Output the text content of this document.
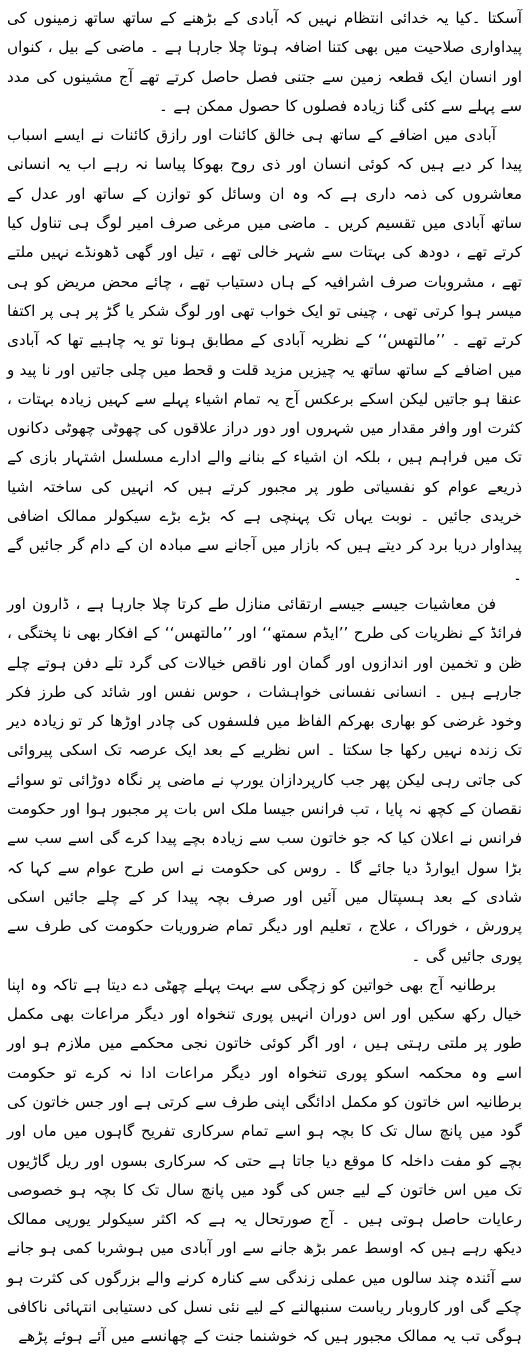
آسکتا ۔کیا یہ خدائی انتظام نہیں کہ آبادی کے بڑھنے کے ساتھ ساتھ زمینوں کی پیداواری صلاحیت میں بھی کتنا اضافہ ہوتا چلا جارہا ہے ۔ ماضی کے بیل ، کنواں اور انسان ایک قطعہ زمین سے جتنی فصل حاصل کرتے تھے آج مشینوں کی مدد سے پہلے سے کئی گنا زیادہ فصلوں کا حصول ممکن ہے ۔

آبادی میں اضافے کے ساتھ ہی خالق کائنات اور رازق کائنات نے ایسے اسباب پیدا کر دیے ہیں کہ کوئی انسان اور ذی روح بھوکا پیاسا نہ رہے اب یہ انسانی معاشروں کی ذمہ داری ہے کہ وہ ان وسائل کو توازن کے ساتھ اور عدل کے ساتھ آبادی میں تقسیم کریں ۔ ماضی میں مرغی صرف امیر لوگ ہی تناول کیا کرتے تھے ، دودھ کی بہتات سے شہر خالی تھے ، تیل اور گھی ڈھونڈے نہیں ملتے تھے ، مشروبات صرف اشرافیہ کے ہاں دستیاب تھے ، چائے محض مریض کو ہی میسر ہوا کرتی تھی ، چینی تو ایک خواب تھی اور لوگ شکر یا گڑ پر ہی پر اکتفا کرتے تھے ۔ ’’مالتھس‘‘ کے نظریہ آبادی کے مطابق ہونا تو یہ چاہیے تھا کہ آبادی میں اضافے کے ساتھ ساتھ یہ چیزیں مزید قلت و قحط میں چلی جاتیں اور نا پید و عنقا ہو جاتیں لیکن اسکے برعکس آج یہ تمام اشیاء پہلے سے کہیں زیادہ بہتات ، کثرت اور وافر مقدار میں شہروں اور دور دراز علاقوں کی چھوٹی چھوٹی دکانوں تک میں فراہم ہیں ، بلکہ ان اشیاء کے بنانے والے ادارے مسلسل اشتہار بازی کے ذریعے عوام کو نفسیاتی طور پر مجبور کرتے ہیں کہ انہیں کی ساختہ اشیا خریدی جائیں ۔ نوبت یہاں تک پہنچی ہے کہ بڑے بڑے سیکولر ممالک اضافی پیداوار دریا برد کر دیتے ہیں کہ بازار میں آجانے سے مبادہ ان کے دام گر جائیں گے ۔

فن معاشیات جیسے جیسے ارتقائی منازل طے کرتا چلا جارہا ہے ، ڈارون اور فرائڈ کے نظریات کی طرح ’’ایڈم سمتھ‘‘ اور ’’مالتھس‘‘ کے افکار بھی نا پختگی ، ظن و تخمین اور اندازوں اور گمان اور ناقص خیالات کی گرد تلے دفن ہوتے چلے جارہے ہیں ۔ انسانی نفسانی خواہشات ، حوس نفس اور شائد کی طرز فکر وخود غرضی کو بھاری بھرکم الفاظ میں فلسفوں کی چادر اوڑھا کر تو زیادہ دیر تک زندہ نہیں رکھا جا سکتا ۔ اس نظریے کے بعد ایک عرصہ تک اسکی پیروائی کی جاتی رہی لیکن پھر جب کارپردازان یورپ نے ماضی پر نگاہ دوڑائی تو سوائے نقصان کے کچھ نہ پایا ، تب فرانس جیسا ملک اس بات پر مجبور ہوا اور حکومت فرانس نے اعلان کیا کہ جو خاتون سب سے زیادہ بچے پیدا کرے گی اسے سب سے بڑا سول ایوارڈ دیا جائے گا ۔ روس کی حکومت نے اس طرح عوام سے کہا کہ شادی کے بعد ہسپتال میں آئیں اور صرف بچہ پیدا کر کے چلے جائیں اسکی پرورش ، خوراک ، علاج ، تعلیم اور دیگر تمام ضروریات حکومت کی طرف سے پوری جائیں گی ۔

برطانیہ آج بھی خواتین کو زچگی سے بہت پہلے چھٹی دے دیتا ہے تاکہ وہ اپنا خیال رکھ سکیں اور اس دوران انہیں پوری تنخواہ اور دیگر مراعات بھی مکمل طور پر ملتی رہتی ہیں ، اور اگر کوئی خاتون نجی محکمے میں ملازم ہو اور اسے وہ محکمہ اسکو پوری تنخواہ اور دیگر مراعات ادا نہ کرے تو حکومت برطانیہ اس خاتون کو مکمل ادائگی اپنی طرف سے کرتی ہے اور جس خاتون کی گود میں پانچ سال تک کا بچہ ہو اسے تمام سرکاری تفریح گاہوں میں ماں اور بچے کو مفت داخلہ کا موقع دیا جاتا ہے حتی کہ سرکاری بسوں اور ریل گاڑیوں تک میں اس خاتون کے لیے جس کی گود میں پانچ سال تک کا بچہ ہو خصوصی رعایات حاصل ہوتی ہیں ۔ آج صورتحال یہ ہے کہ اکثر سیکولر یورپی ممالک دیکھ رہے ہیں کہ اوسط عمر بڑھ جانے سے اور آبادی میں ہوشربا کمی ہو جانے سے آئندہ چند سالوں میں عملی زندگی سے کنارہ کرنے والے بزرگوں کی کثرت ہو چکے گی اور کاروبار ریاست سنبھالنے کے لیے نئی نسل کی دستیابی انتہائی ناکافی ہوگی تب یہ ممالک مجبور ہیں کہ خوشنما جنت کے چھانسے میں آئے ہوئے پڑھے
